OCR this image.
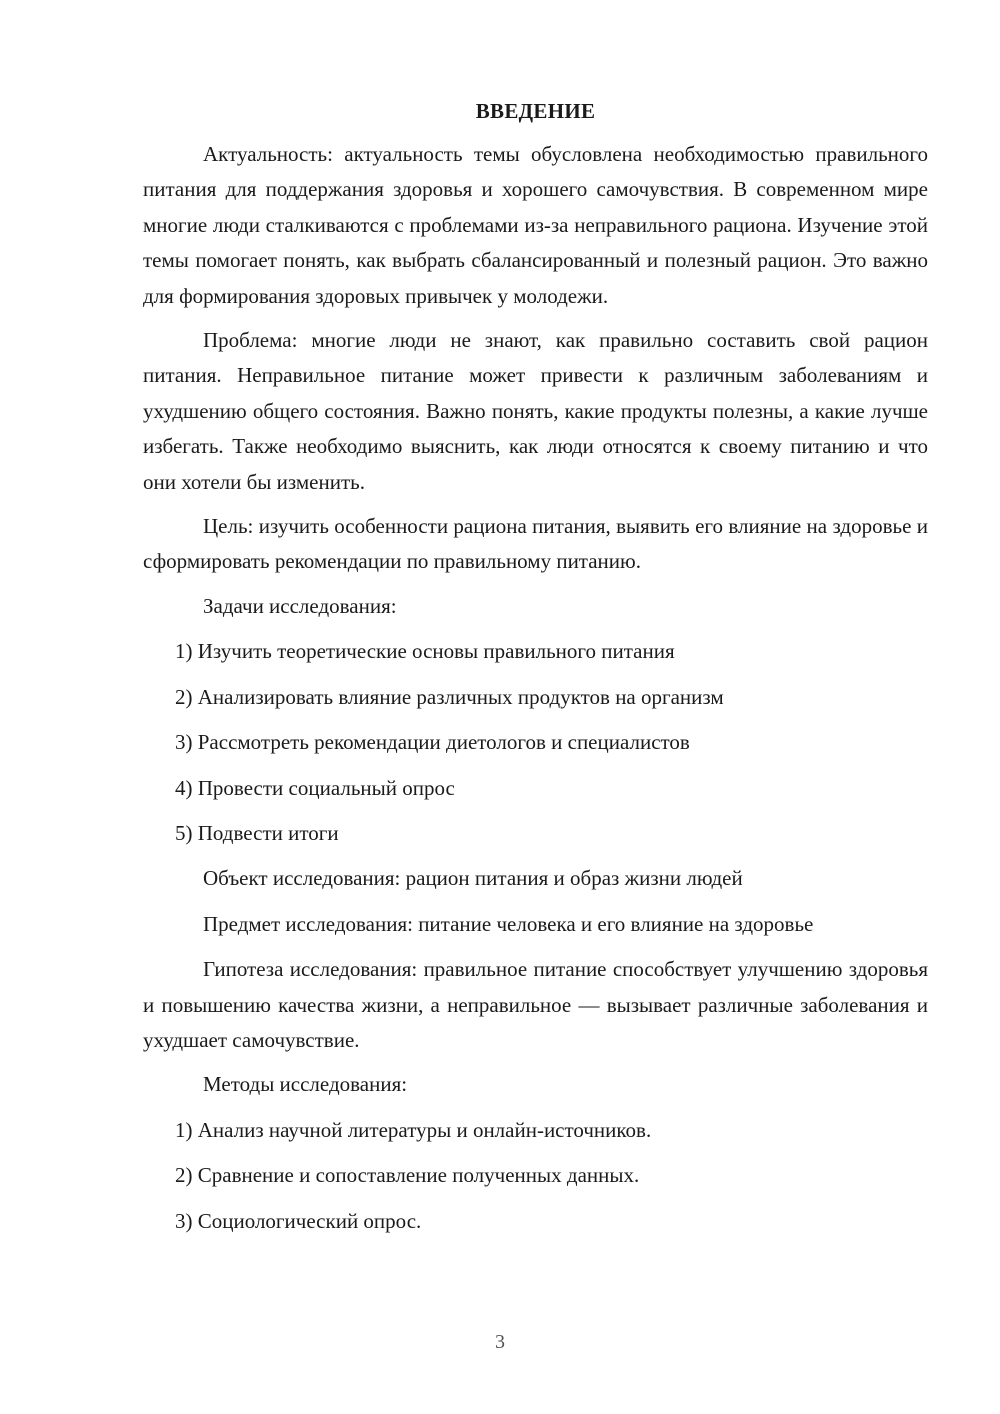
ВВЕДЕНИЕ

Актуальность: актуальность темы обусловлена необходимостью правильного питания для поддержания здоровья и хорошего самочувствия. В современном мире многие люди сталкиваются с проблемами из-за неправильного рациона. Изучение этой темы помогает понять, как выбрать сбалансированный и полезный рацион. Это важно для формирования здоровых привычек у молодежи.

Проблема: многие люди не знают, как правильно составить свой рацион питания. Неправильное питание может привести к различным заболеваниям и ухудшению общего состояния. Важно понять, какие продукты полезны, а какие лучше избегать. Также необходимо выяснить, как люди относятся к своему питанию и что они хотели бы изменить.

Цель: изучить особенности рациона питания, выявить его влияние на здоровье и сформировать рекомендации по правильному питанию.

Задачи исследования:
1) Изучить теоретические основы правильного питания
2) Анализировать влияние различных продуктов на организм
3) Рассмотреть рекомендации диетологов и специалистов
4) Провести социальный опрос
5) Подвести итоги
Объект исследования: рацион питания и образ жизни людей
Предмет исследования: питание человека и его влияние на здоровье

Гипотеза исследования: правильное питание способствует улучшению здоровья и повышению качества жизни, а неправильное — вызывает различные заболевания и ухудшает самочувствие.

Методы исследования:
1) Анализ научной литературы и онлайн-источников.
2) Сравнение и сопоставление полученных данных.
3) Социологический опрос.
3
